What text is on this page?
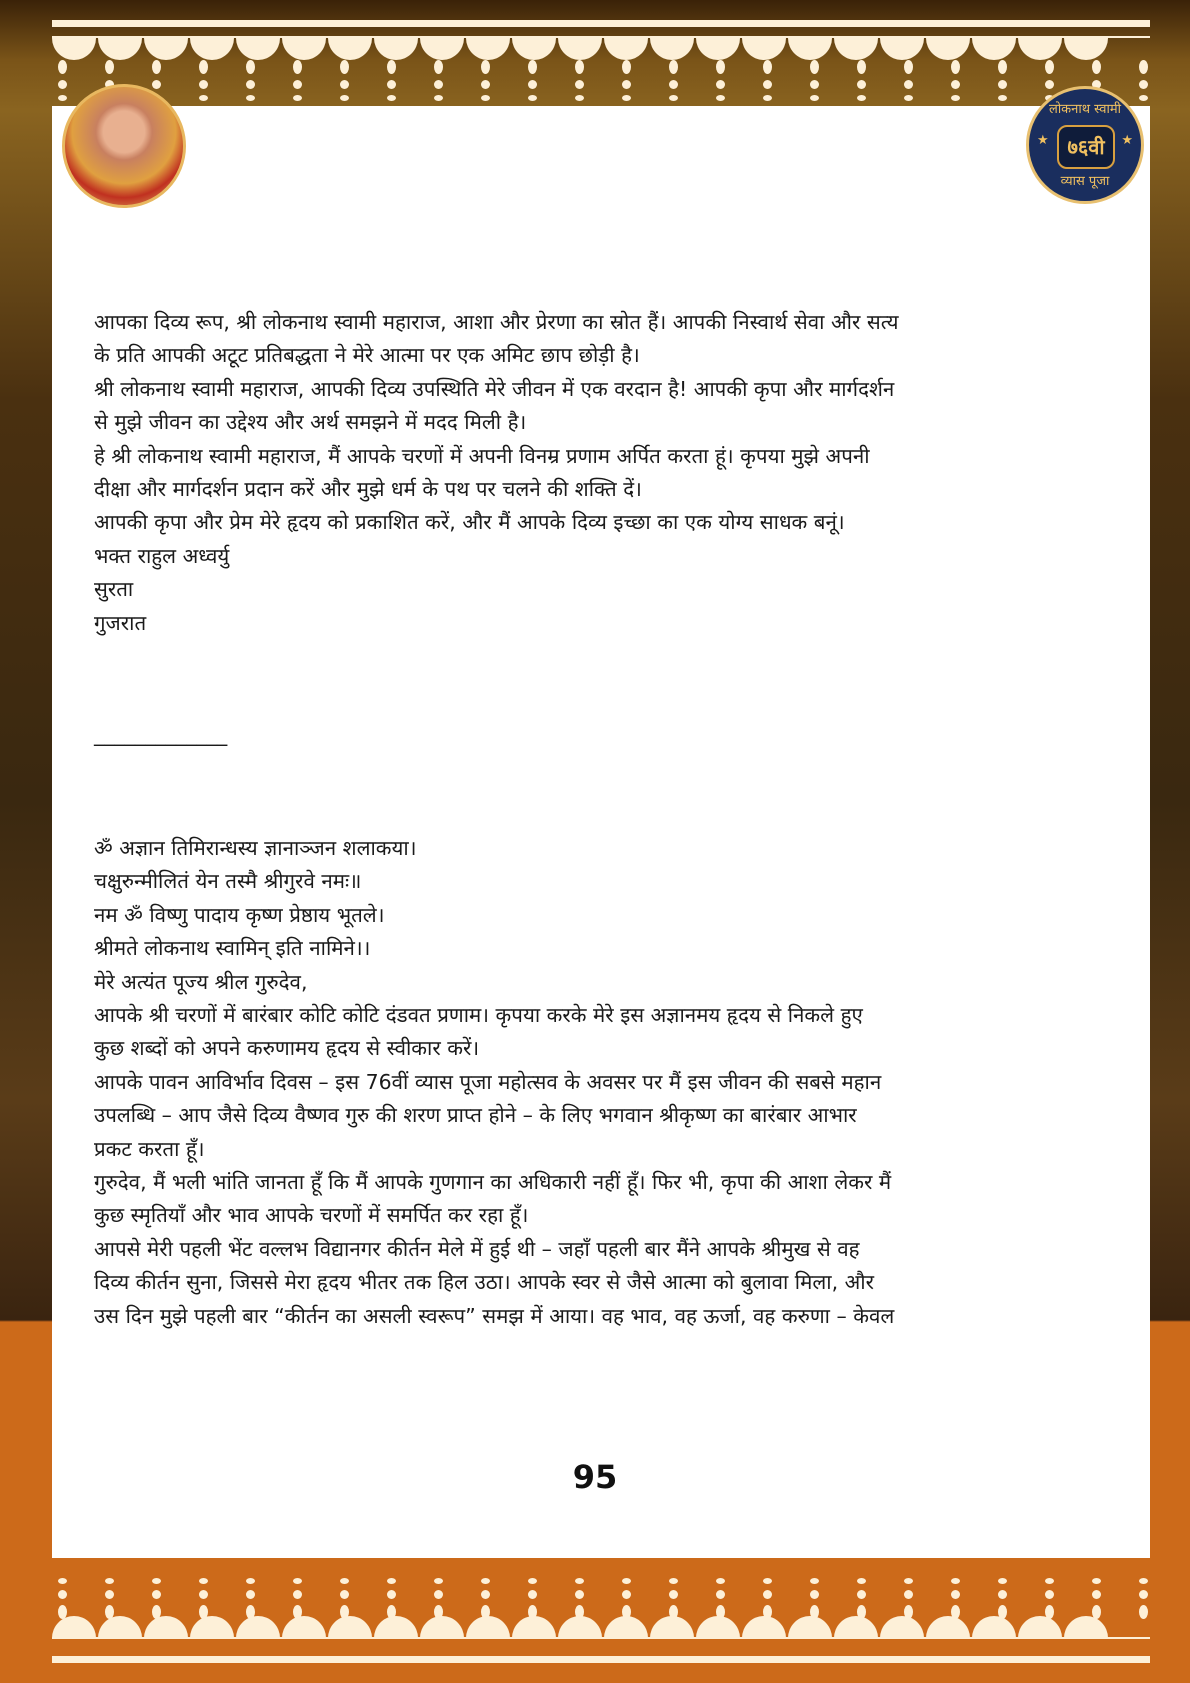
लोकनाथ स्वामी
★ ७६वी	★
व्यास पूजा
आपका दिव्य रूप, श्री लोकनाथ स्वामी महाराज, आशा और प्रेरणा का स्रोत हैं। आपकी निस्वार्थ सेवा और सत्य
के प्रति आपकी अटूट प्रतिबद्धता ने मेरे आत्मा पर एक अमिट छाप छोड़ी है।
श्री लोकनाथ स्वामी महाराज, आपकी दिव्य उपस्थिति मेरे जीवन में एक वरदान है! आपकी कृपा और मार्गदर्शन
से मुझे जीवन का उद्देश्य और अर्थ समझने में मदद मिली है।
हे श्री लोकनाथ स्वामी महाराज, मैं आपके चरणों में अपनी विनम्र प्रणाम अर्पित करता हूं। कृपया मुझे अपनी
दीक्षा और मार्गदर्शन प्रदान करें और मुझे धर्म के पथ पर चलने की शक्ति दें।
आपकी कृपा और प्रेम मेरे हृदय को प्रकाशित करें, और मैं आपके दिव्य इच्छा का एक योग्य साधक बनूं।
भक्त राहुल अध्वर्यु
सुरता
गुजरात
ॐ अज्ञान तिमिरान्धस्य ज्ञानाञ्जन शलाकया।
चक्षुरुन्मीलितं येन तस्मै श्रीगुरवे नमः॥
नम ॐ विष्णु पादाय कृष्ण प्रेष्ठाय भूतले।
श्रीमते लोकनाथ स्वामिन् इति नामिने।।
मेरे अत्यंत पूज्य श्रील गुरुदेव,
आपके श्री चरणों में बारंबार कोटि कोटि दंडवत प्रणाम। कृपया करके मेरे इस अज्ञानमय हृदय से निकले हुए
कुछ शब्दों को अपने करुणामय हृदय से स्वीकार करें।
आपके पावन आविर्भाव दिवस – इस 76वीं व्यास पूजा महोत्सव के अवसर पर मैं इस जीवन की सबसे महान
उपलब्धि – आप जैसे दिव्य वैष्णव गुरु की शरण प्राप्त होने – के लिए भगवान श्रीकृष्ण का बारंबार आभार
प्रकट करता हूँ।
गुरुदेव, मैं भली भांति जानता हूँ कि मैं आपके गुणगान का अधिकारी नहीं हूँ। फिर भी, कृपा की आशा लेकर मैं
कुछ स्मृतियाँ और भाव आपके चरणों में समर्पित कर रहा हूँ।
आपसे मेरी पहली भेंट वल्लभ विद्यानगर कीर्तन मेले में हुई थी – जहाँ पहली बार मैंने आपके श्रीमुख से वह
दिव्य कीर्तन सुना, जिससे मेरा हृदय भीतर तक हिल उठा। आपके स्वर से जैसे आत्मा को बुलावा मिला, और
उस दिन मुझे पहली बार “कीर्तन का असली स्वरूप” समझ में आया। वह भाव, वह ऊर्जा, वह करुणा – केवल
_____________
95
